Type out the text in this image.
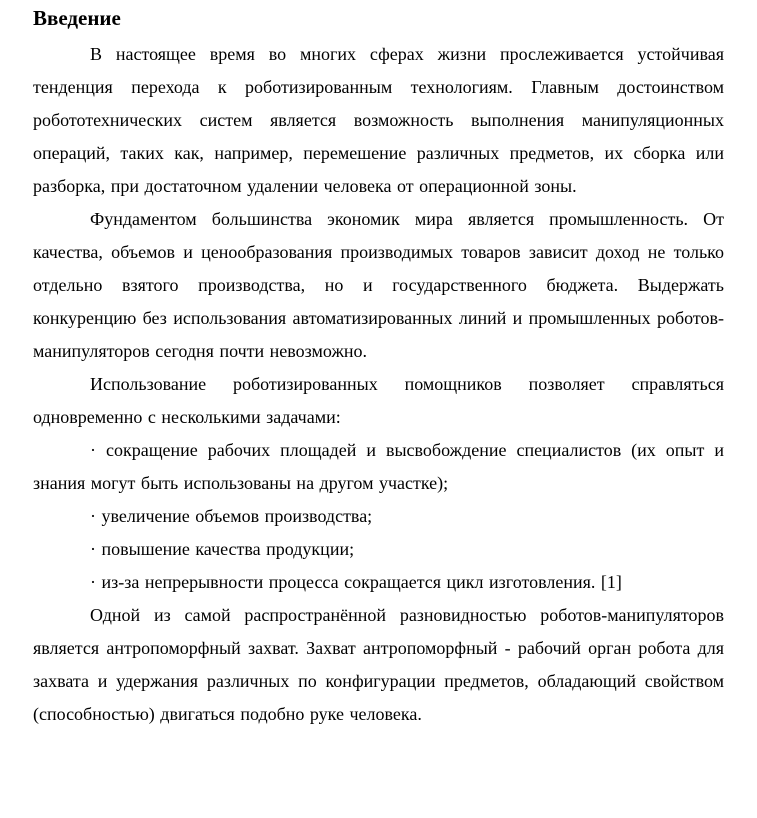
Введение

В настоящее время во многих сферах жизни прослеживается устойчивая тенденция перехода к роботизированным технологиям. Главным достоинством робототехнических систем является возможность выполнения манипуляционных операций, таких как, например, перемешение различных предметов, их сборка или разборка, при достаточном удалении человека от операционной зоны.

Фундаментом большинства экономик мира является промышленность. От качества, объемов и ценообразования производимых товаров зависит доход не только отдельно взятого производства, но и государственного бюджета. Выдержать конкуренцию без использования автоматизированных линий и промышленных роботов-манипуляторов сегодня почти невозможно.

Использование роботизированных помощников позволяет справляться одновременно с несколькими задачами:

· сокращение рабочих площадей и высвобождение специалистов (их опыт и знания могут быть использованы на другом участке);

· увеличение объемов производства;

· повышение качества продукции;

· из-за непрерывности процесса сокращается цикл изготовления. [1]

Одной из самой распространённой разновидностью роботов-манипуляторов является антропоморфный захват. Захват антропоморфный - рабочий орган робота для захвата и удержания различных по конфигурации предметов, обладающий свойством (способностью) двигаться подобно руке человека.
